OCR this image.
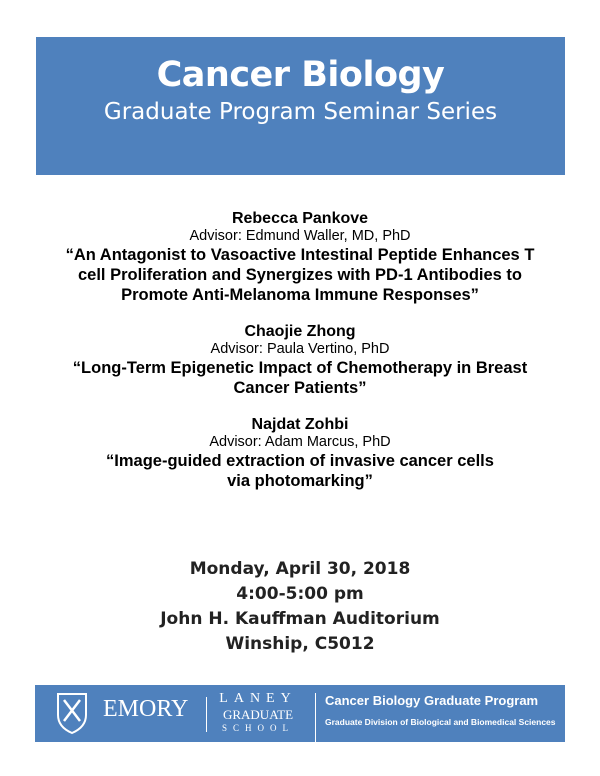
Cancer Biology
Graduate Program Seminar Series
Rebecca Pankove
Advisor: Edmund Waller, MD, PhD
“An Antagonist to Vasoactive Intestinal Peptide Enhances T
cell Proliferation and Synergizes with PD-1 Antibodies to
Promote Anti-Melanoma Immune Responses”
Chaojie Zhong
Advisor: Paula Vertino, PhD
“Long-Term Epigenetic Impact of Chemotherapy in Breast
Cancer Patients”
Najdat Zohbi
Advisor: Adam Marcus, PhD
“Image-guided extraction of invasive cancer cells
via photomarking”
Monday, April 30, 2018
4:00-5:00 pm
John H. Kauffman Auditorium
Winship, C5012
EMORY	LANEY
GRADUATE
SCHOOL
Cancer Biology Graduate Program
Graduate Division of Biological and Biomedical Sciences
